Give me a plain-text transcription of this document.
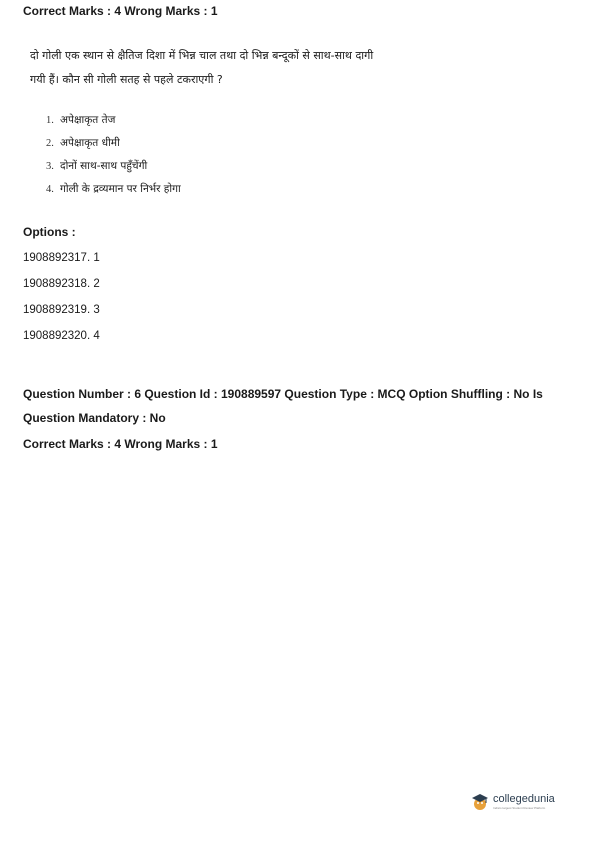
Correct Marks : 4 Wrong Marks : 1
दो गोली एक स्थान से क्षैतिज दिशा में भिन्न चाल तथा दो भिन्न बन्दूकों से साथ-साथ दागी
गयी हैं। कौन सी गोली सतह से पहले टकराएगी ?
1. अपेक्षाकृत तेज
2. अपेक्षाकृत धीमी
3. दोनों साथ-साथ पहुँचेंगी
4. गोली के द्रव्यमान पर निर्भर होगा
Options :
1908892317. 1
1908892318. 2
1908892319. 3
1908892320. 4
Question Number : 6 Question Id : 190889597 Question Type : MCQ Option Shuffling : No Is
Question Mandatory : No
Correct Marks : 4 Wrong Marks : 1
collegedunia
India's largest Student Review Platform
